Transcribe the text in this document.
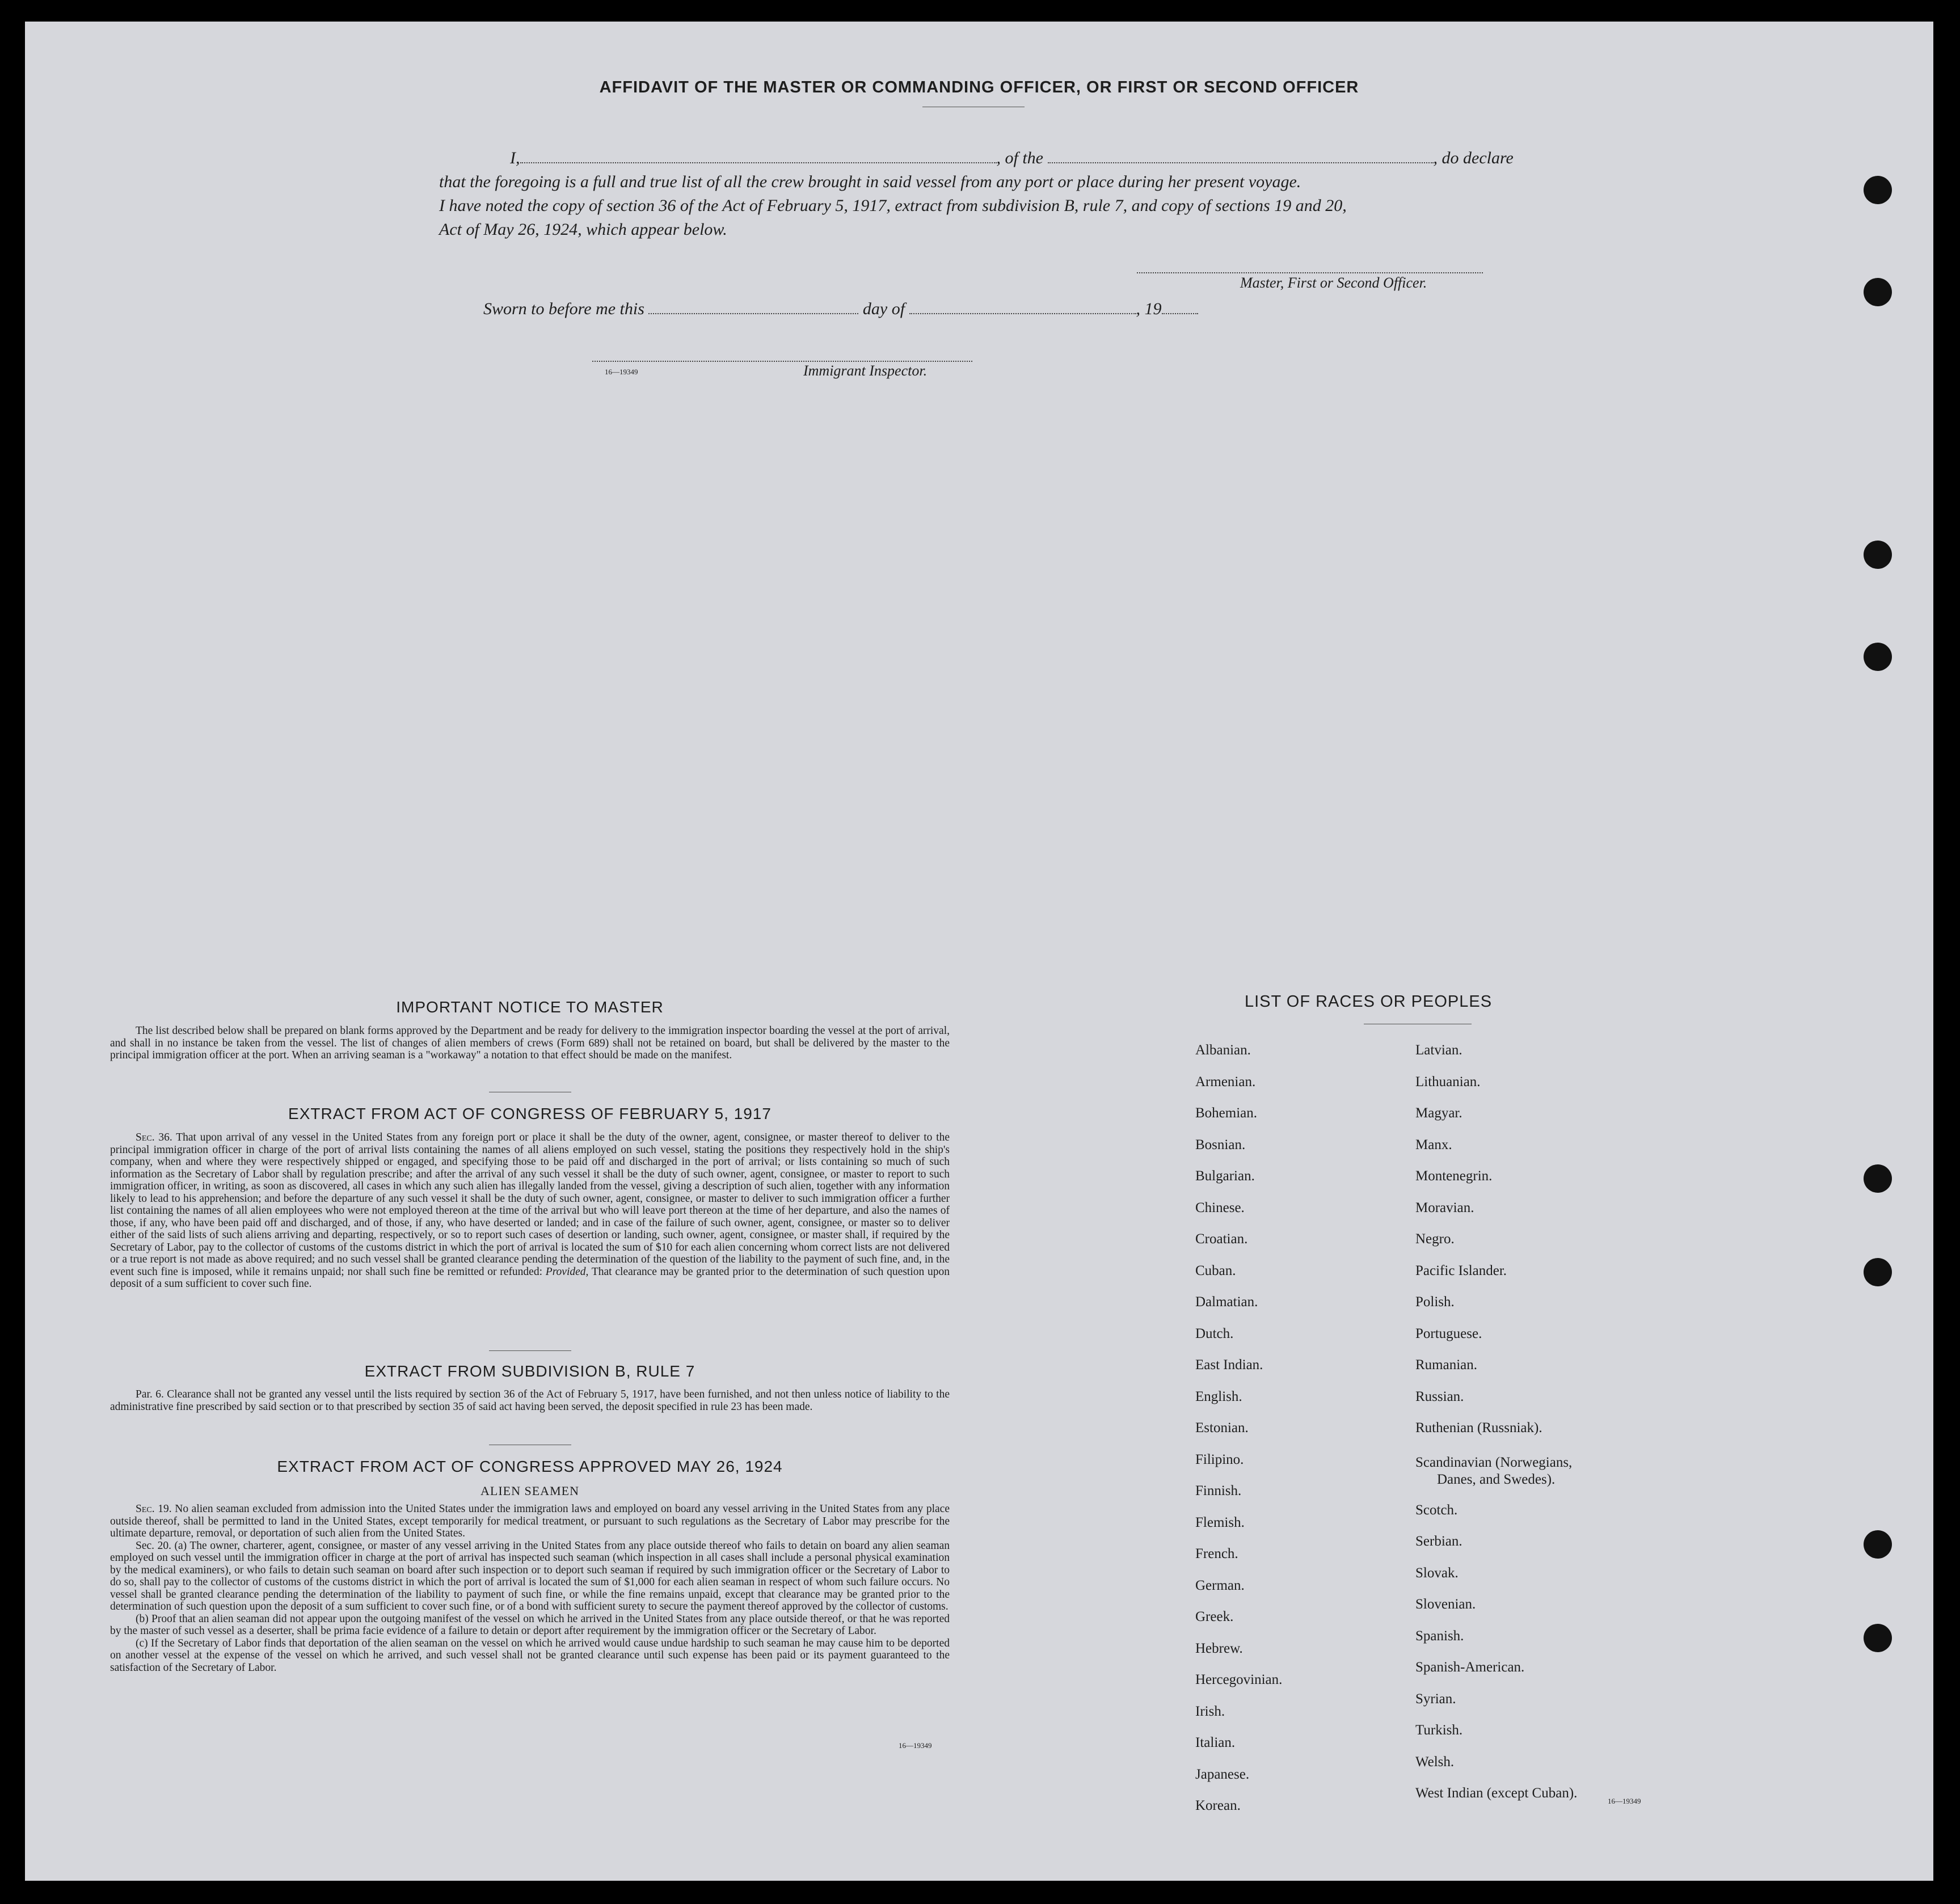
AFFIDAVIT OF THE MASTER OR COMMANDING OFFICER, OR FIRST OR SECOND OFFICER

I,	, of the	, do declare

that the foregoing is a full and true list of all the crew brought in said vessel from any port or place during her present voyage.

I have noted the copy of section 36 of the Act of February 5, 1917, extract from subdivision B, rule 7, and copy of sections 19 and 20,

Act of May 26, 1924, which appear below.

Master, First or Second Officer.
Sworn to before me this	day of	, 19
16—19349	Immigrant Inspector.
IMPORTANT NOTICE TO MASTER

The list described below shall be prepared on blank forms approved by the Department and be ready for delivery to the immigration inspector boarding the vessel at the port of arrival, and shall in no instance be taken from the vessel. The list of changes of alien members of crews (Form 689) shall not be retained on board, but shall be delivered by the master to the principal immigration officer at the port. When an arriving seaman is a "workaway" a notation to that effect should be made on the manifest.

EXTRACT FROM ACT OF CONGRESS OF FEBRUARY 5, 1917

Sec. 36. That upon arrival of any vessel in the United States from any foreign port or place it shall be the duty of the owner, agent, consignee, or master thereof to deliver to the principal immigration officer in charge of the port of arrival lists containing the names of all aliens employed on such vessel, stating the positions they respectively hold in the ship's company, when and where they were respectively shipped or engaged, and specifying those to be paid off and discharged in the port of arrival; or lists containing so much of such information as the Secretary of Labor shall by regulation prescribe; and after the arrival of any such vessel it shall be the duty of such owner, agent, consignee, or master to report to such immigration officer, in writing, as soon as discovered, all cases in which any such alien has illegally landed from the vessel, giving a description of such alien, together with any information likely to lead to his apprehension; and before the departure of any such vessel it shall be the duty of such owner, agent, consignee, or master to deliver to such immigration officer a further list containing the names of all alien employees who were not employed thereon at the time of the arrival but who will leave port thereon at the time of her departure, and also the names of those, if any, who have been paid off and discharged, and of those, if any, who have deserted or landed; and in case of the failure of such owner, agent, consignee, or master so to deliver either of the said lists of such aliens arriving and departing, respectively, or so to report such cases of desertion or landing, such owner, agent, consignee, or master shall, if required by the Secretary of Labor, pay to the collector of customs of the customs district in which the port of arrival is located the sum of $10 for each alien concerning whom correct lists are not delivered or a true report is not made as above required; and no such vessel shall be granted clearance pending the determination of the question of the liability to the payment of such fine, and, in the event such fine is imposed, while it remains unpaid; nor shall such fine be remitted or refunded: Provided, That clearance may be granted prior to the determination of such question upon deposit of a sum sufficient to cover such fine.

EXTRACT FROM SUBDIVISION B, RULE 7

Par. 6. Clearance shall not be granted any vessel until the lists required by section 36 of the Act of February 5, 1917, have been furnished, and not then unless notice of liability to the administrative fine prescribed by said section or to that prescribed by section 35 of said act having been served, the deposit specified in rule 23 has been made.

EXTRACT FROM ACT OF CONGRESS APPROVED MAY 26, 1924
ALIEN SEAMEN

Sec. 19. No alien seaman excluded from admission into the United States under the immigration laws and employed on board any vessel arriving in the United States from any place outside thereof, shall be permitted to land in the United States, except temporarily for medical treatment, or pursuant to such regulations as the Secretary of Labor may prescribe for the ultimate departure, removal, or deportation of such alien from the United States.

Sec. 20. (a) The owner, charterer, agent, consignee, or master of any vessel arriving in the United States from any place outside thereof who fails to detain on board any alien seaman employed on such vessel until the immigration officer in charge at the port of arrival has inspected such seaman (which inspection in all cases shall include a personal physical examination by the medical examiners), or who fails to detain such seaman on board after such inspection or to deport such seaman if required by such immigration officer or the Secretary of Labor to do so, shall pay to the collector of customs of the customs district in which the port of arrival is located the sum of $1,000 for each alien seaman in respect of whom such failure occurs. No vessel shall be granted clearance pending the determination of the liability to payment of such fine, or while the fine remains unpaid, except that clearance may be granted prior to the determination of such question upon the deposit of a sum sufficient to cover such fine, or of a bond with sufficient surety to secure the payment thereof approved by the collector of customs.

(b) Proof that an alien seaman did not appear upon the outgoing manifest of the vessel on which he arrived in the United States from any place outside thereof, or that he was reported by the master of such vessel as a deserter, shall be prima facie evidence of a failure to detain or deport after requirement by the immigration officer or the Secretary of Labor.

(c) If the Secretary of Labor finds that deportation of the alien seaman on the vessel on which he arrived would cause undue hardship to such seaman he may cause him to be deported on another vessel at the expense of the vessel on which he arrived, and such vessel shall not be granted clearance until such expense has been paid or its payment guaranteed to the satisfaction of the Secretary of Labor.

16—19349
LIST OF RACES OR PEOPLES
16—19349
Albanian.
Armenian.
Bohemian.
Bosnian.
Bulgarian.
Chinese.
Croatian.
Cuban.
Dalmatian.
Dutch.
East Indian.
English.
Estonian.
Filipino.
Finnish.
Flemish.
French.
German.
Greek.
Hebrew.
Hercegovinian.
Irish.
Italian.
Japanese.
Korean.
Latvian.
Lithuanian.
Magyar.
Manx.
Montenegrin.
Moravian.
Negro.
Pacific Islander.
Polish.
Portuguese.
Rumanian.
Russian.
Ruthenian (Russniak).
Scandinavian (Norwegians,
Danes, and Swedes).
Scotch.
Serbian.
Slovak.
Slovenian.
Spanish.
Spanish-American.
Syrian.
Turkish.
Welsh.
West Indian (except Cuban).
